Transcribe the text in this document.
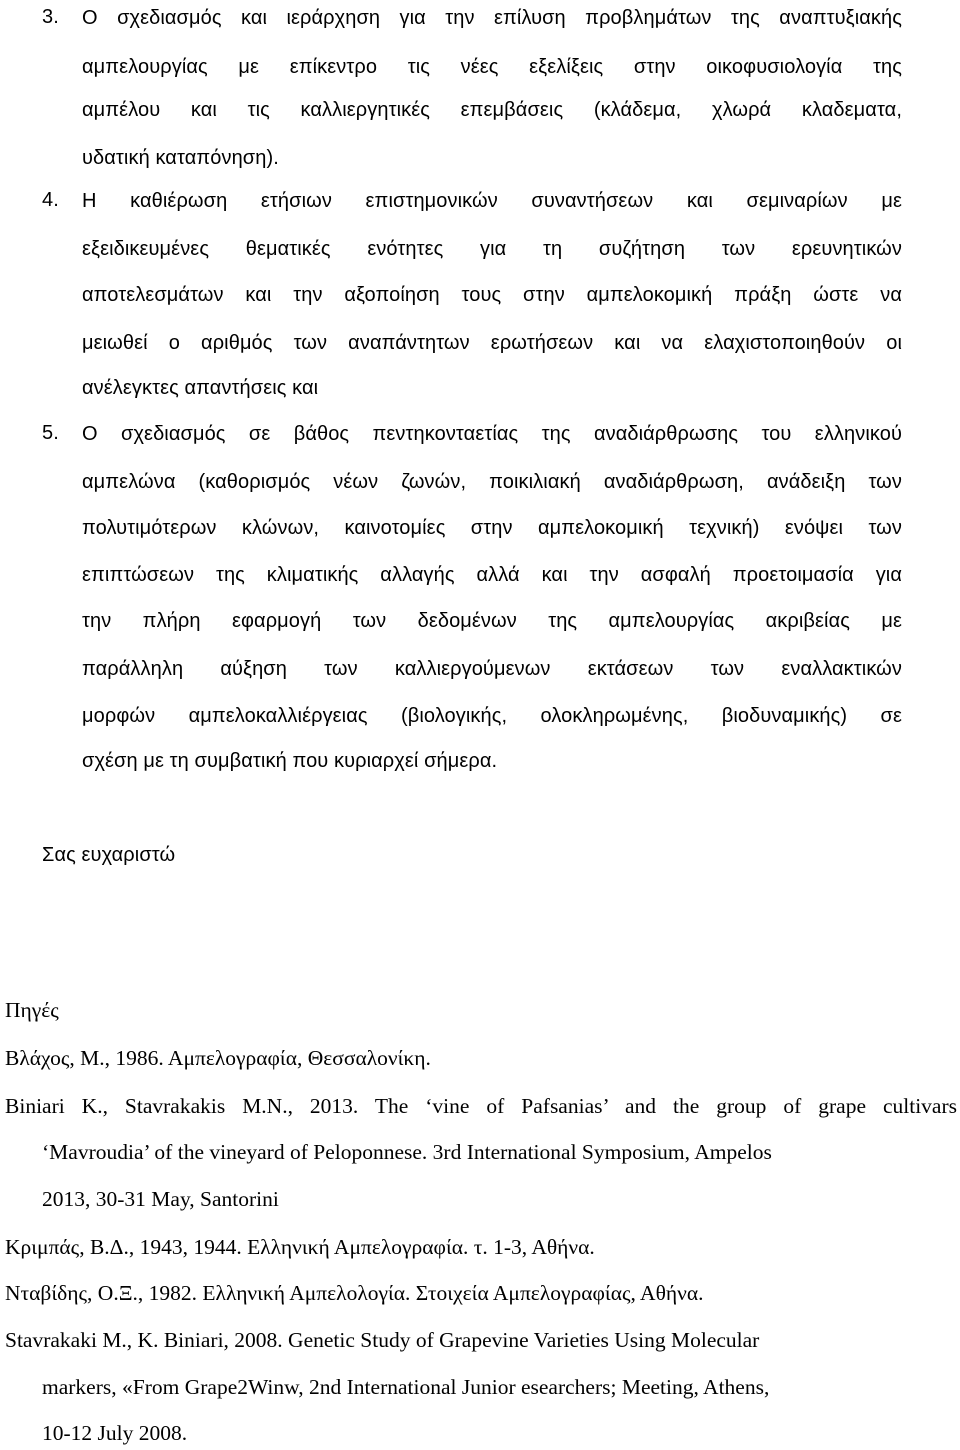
3. Ο σχεδιασμός και ιεράρχηση για την επίλυση προβλημάτων της αναπτυξιακής
αμπελουργίας με επίκεντρο τις νέες εξελίξεις στην οικοφυσιολογία της
αμπέλου και τις καλλιεργητικές επεμβάσεις (κλάδεμα, χλωρά κλαδεματα,
υδατική καταπόνηση).
4. Η καθιέρωση ετήσιων επιστημονικών συναντήσεων και σεμιναρίων με
εξειδικευμένες θεματικές ενότητες για τη συζήτηση των ερευνητικών
αποτελεσμάτων και την αξοποίηση τους στην αμπελοκομική πράξη ώστε να
μειωθεί ο αριθμός των αναπάντητων ερωτήσεων και να ελαχιστοποιηθούν οι
ανέλεγκτες απαντήσεις και
5. Ο σχεδιασμός σε βάθος πεντηκονταετίας της αναδιάρθρωσης του ελληνικού
αμπελώνα (καθορισμός νέων ζωνών, ποικιλιακή αναδιάρθρωση, ανάδειξη των
πολυτιμότερων κλώνων, καινοτομίες στην αμπελοκομική τεχνική) ενόψει των
επιπτώσεων της κλιματικής αλλαγής αλλά και την ασφαλή προετοιμασία για
την πλήρη εφαρμογή των δεδομένων της αμπελουργίας ακριβείας με
παράλληλη αύξηση των καλλιεργούμενων εκτάσεων των εναλλακτικών
μορφών αμπελοκαλλιέργειας (βιολογικής, ολοκληρωμένης, βιοδυναμικής) σε
σχέση με τη συμβατική που κυριαρχεί σήμερα.
Σας ευχαριστώ
Πηγές
Βλάχος, Μ., 1986. Αμπελογραφία, Θεσσαλονίκη.
Biniari K., Stavrakakis M.N., 2013. The ‘vine of Pafsanias’ and the group of grape cultivars
‘Mavroudia’ of the vineyard of Peloponnese. 3rd International Symposium, Ampelos
2013, 30-31 May, Santorini
Κριμπάς, Β.Δ., 1943, 1944. Ελληνική Αμπελογραφία. τ. 1-3, Αθήνα.
Νταβίδης, Ο.Ξ., 1982. Ελληνική Αμπελολογία. Στοιχεία Αμπελογραφίας, Αθήνα.
Stavrakaki M., K. Biniari, 2008. Genetic Study of Grapevine Varieties Using Molecular
markers, «From Grape2Winw, 2nd International Junior esearchers; Meeting, Athens,
10-12 July 2008.
